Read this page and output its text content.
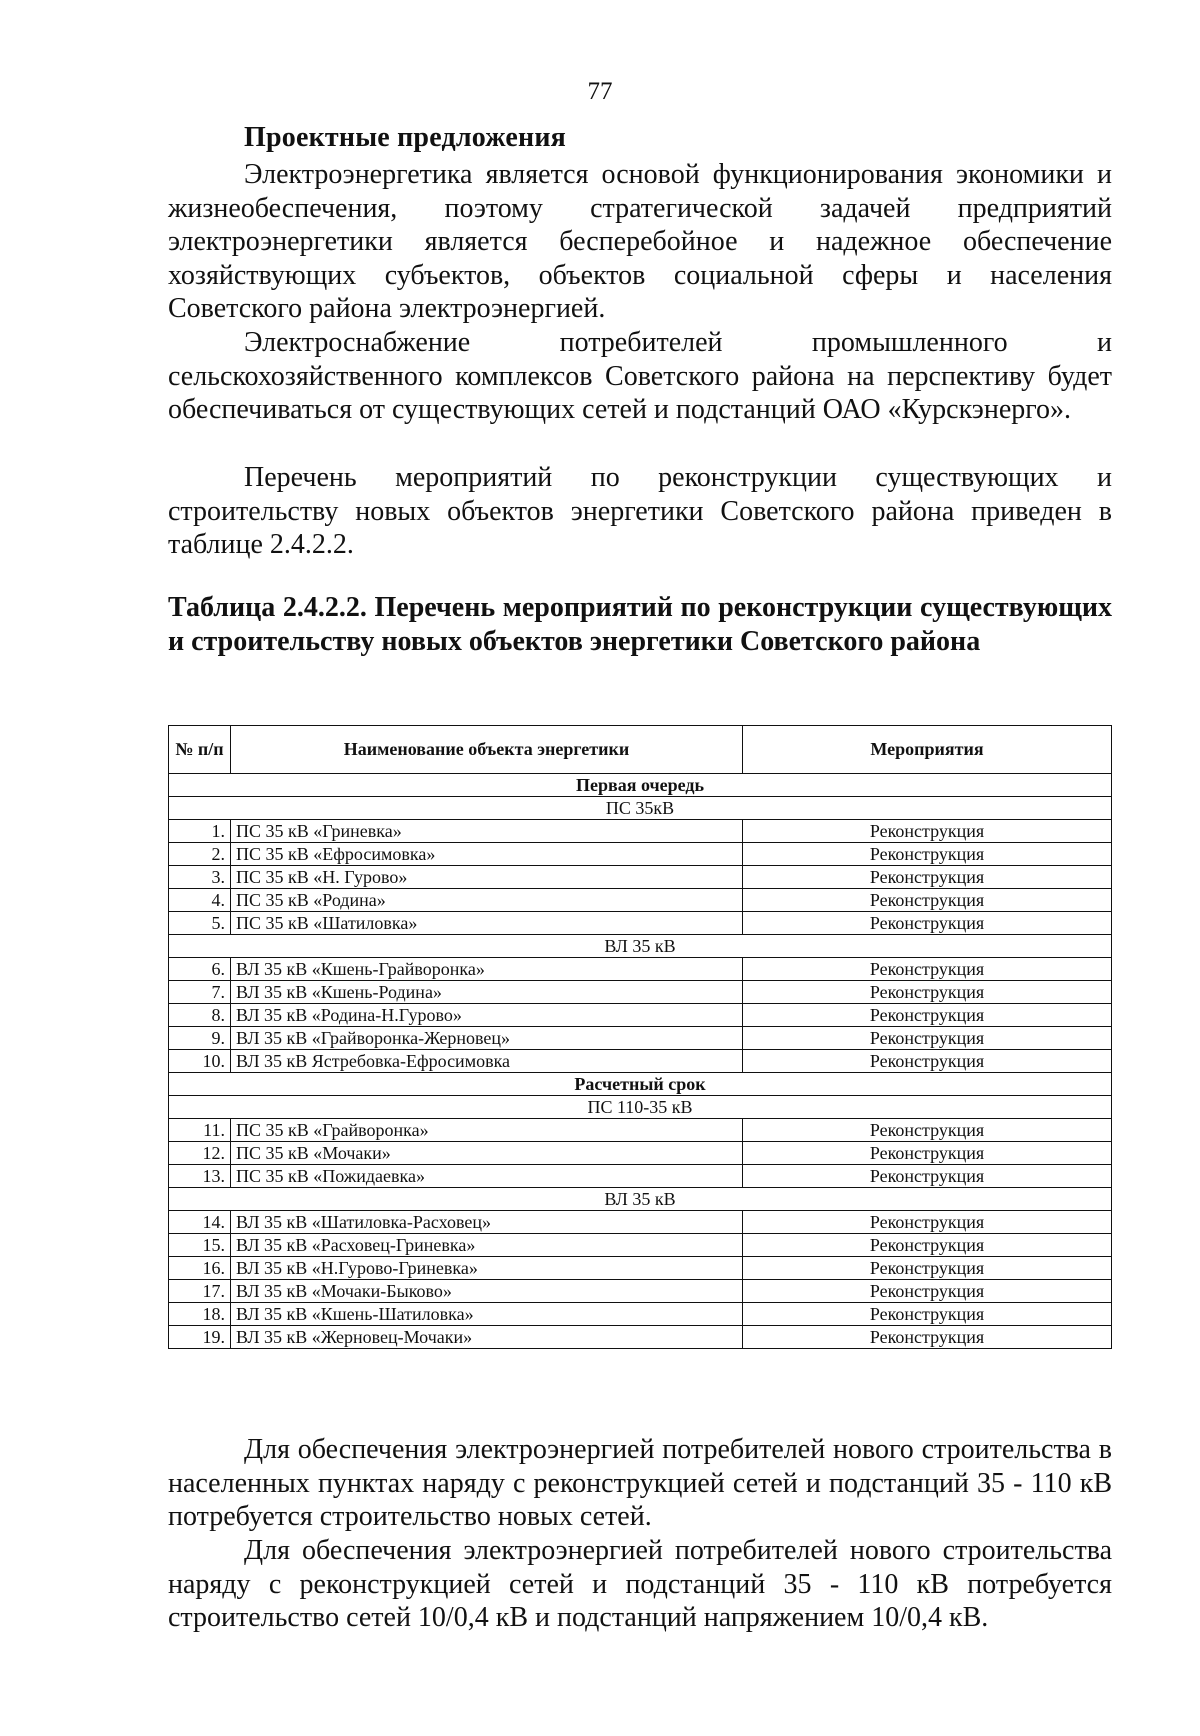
77
Проектные предложения

Электроэнергетика является основой функционирования экономики и жизнеобеспечения, поэтому стратегической задачей предприятий электроэнергетики является бесперебойное и надежное обеспечение хозяйствующих субъектов, объектов социальной сферы и населения Советского района электроэнергией.

Электроснабжение потребителей промышленного и сельскохозяйственного комплексов Советского района на перспективу будет обеспечиваться от существующих сетей и подстанций ОАО «Курскэнерго».

Перечень мероприятий по реконструкции существующих и строительству новых объектов энергетики Советского района приведен в таблице 2.4.2.2.

Таблица 2.4.2.2. Перечень мероприятий по реконструкции существующих и строительству новых объектов энергетики Советского района

№ п/п	Наименование объекта энергетики	Мероприятия
Первая очередь		
ПС 35кВ		
1.	ПС 35 кВ «Гриневка»	Реконструкция
2.	ПС 35 кВ «Ефросимовка»	Реконструкция
3.	ПС 35 кВ «Н. Гурово»	Реконструкция
4.	ПС 35 кВ «Родина»	Реконструкция
5.	ПС 35 кВ «Шатиловка»	Реконструкция
ВЛ 35 кВ		
6.	ВЛ 35 кВ «Кшень-Грайворонка»	Реконструкция
7.	ВЛ 35 кВ «Кшень-Родина»	Реконструкция
8.	ВЛ 35 кВ «Родина-Н.Гурово»	Реконструкция
9.	ВЛ 35 кВ «Грайворонка-Жерновец»	Реконструкция
10.	ВЛ 35 кВ Ястребовка-Ефросимовка	Реконструкция
Расчетный срок		
ПС 110-35 кВ		
11.	ПС 35 кВ «Грайворонка»	Реконструкция
12.	ПС 35 кВ «Мочаки»	Реконструкция
13.	ПС 35 кВ «Пожидаевка»	Реконструкция
ВЛ 35 кВ		
14.	ВЛ 35 кВ «Шатиловка-Расховец»	Реконструкция
15.	ВЛ 35 кВ «Расховец-Гриневка»	Реконструкция
16.	ВЛ 35 кВ «Н.Гурово-Гриневка»	Реконструкция
17.	ВЛ 35 кВ «Мочаки-Быково»	Реконструкция
18.	ВЛ 35 кВ «Кшень-Шатиловка»	Реконструкция
19.	ВЛ 35 кВ «Жерновец-Мочаки»	Реконструкция

Для обеспечения электроэнергией потребителей нового строительства в населенных пунктах наряду с реконструкцией сетей и подстанций 35 - 110 кВ потребуется строительство новых сетей.

Для обеспечения электроэнергией потребителей нового строительства наряду с реконструкцией сетей и подстанций 35 - 110 кВ потребуется строительство сетей 10/0,4 кВ и подстанций напряжением 10/0,4 кВ.
